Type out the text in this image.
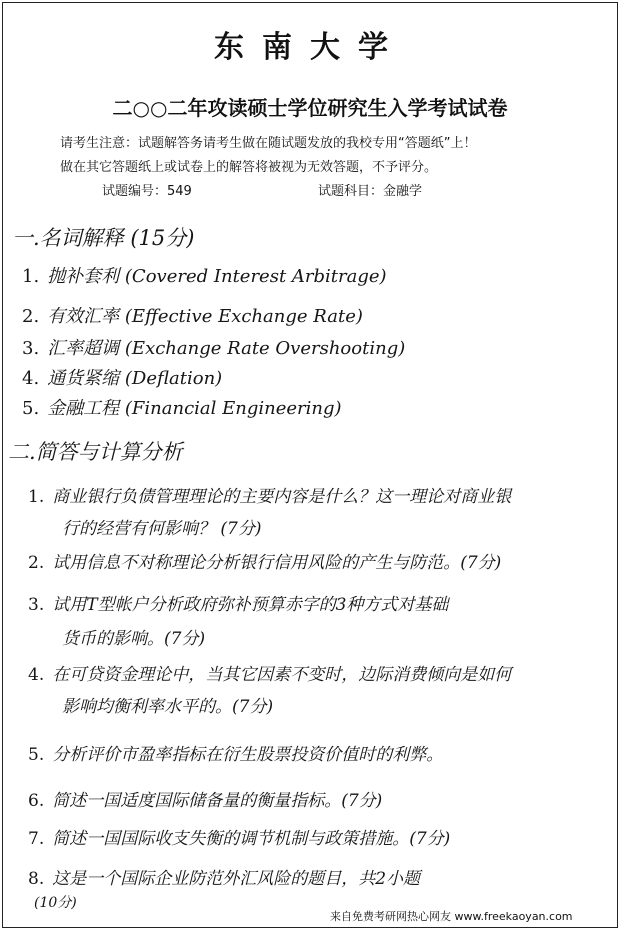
东南大学
二○○二年攻读硕士学位研究生入学考试试卷
请考生注意：试题解答务请考生做在随试题发放的我校专用“答题纸”上！
做在其它答题纸上或试卷上的解答将被视为无效答题，不予评分。
试题编号：549	试题科目：金融学
一.名词解释 (15分)
1. 抛补套利 (Covered Interest Arbitrage)
2. 有效汇率 (Effective Exchange Rate)
3. 汇率超调 (Exchange Rate Overshooting)
4. 通货紧缩 (Deflation)
5. 金融工程 (Financial Engineering)
二.简答与计算分析
1. 商业银行负债管理理论的主要内容是什么？这一理论对商业银
行的经营有何影响？ (7分)
2. 试用信息不对称理论分析银行信用风险的产生与防范。(7分)
3. 试用T型帐户分析政府弥补预算赤字的3种方式对基础
货币的影响。(7分)
4. 在可贷资金理论中，当其它因素不变时，边际消费倾向是如何
影响均衡利率水平的。(7分)
5. 分析评价市盈率指标在衍生股票投资价值时的利弊。
6. 简述一国适度国际储备量的衡量指标。(7分)
7. 简述一国国际收支失衡的调节机制与政策措施。(7分)
8. 这是一个国际企业防范外汇风险的题目，共2小题
(10分)
来自免费考研网热心网友 www.freekaoyan.com
